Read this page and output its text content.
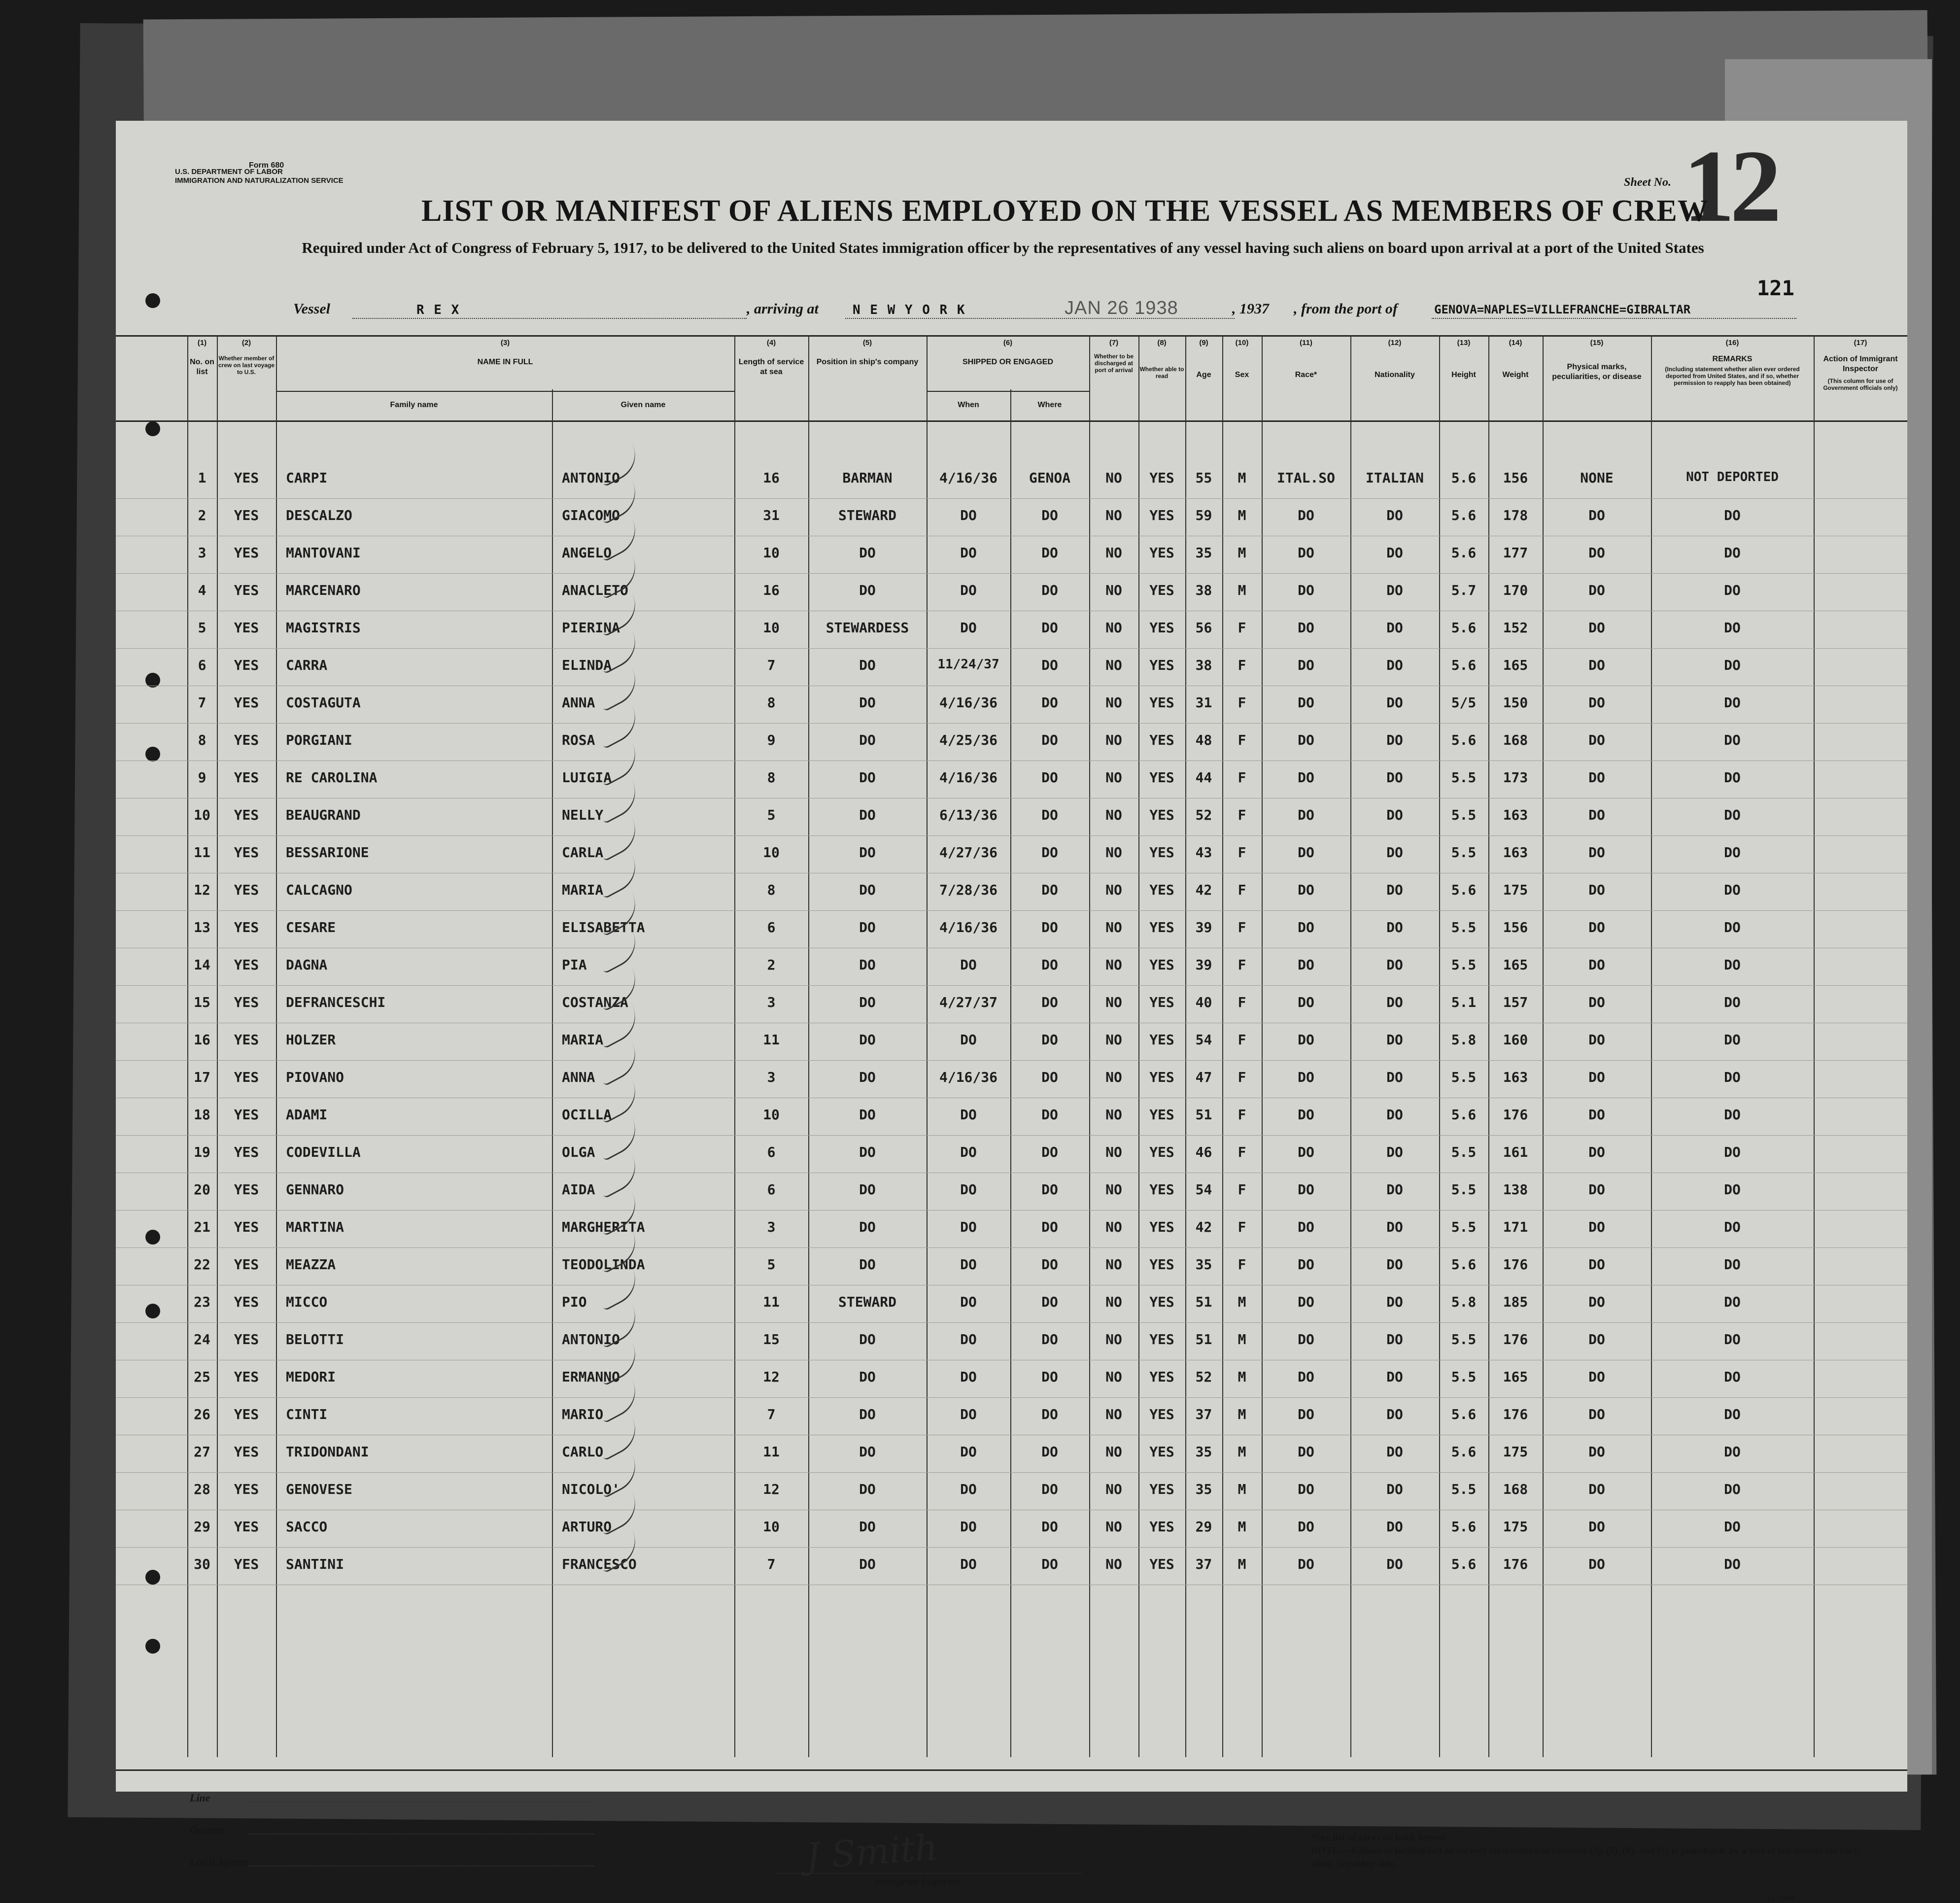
Form 680
U.S. DEPARTMENT OF LABOR
IMMIGRATION AND NATURALIZATION SERVICE	Sheet No. 12
LIST OR MANIFEST OF ALIENS EMPLOYED ON THE VESSEL AS MEMBERS OF CREW
Required under Act of Congress of February 5, 1917, to be delivered to the United States immigration officer by the representatives of any vessel having such aliens on board upon arrival at a port of the United States
121
Vessel	R E X	, arriving at	N E W Y O R K	JAN 26 1938	, 1937 , from the port of	GENOVA=NAPLES=VILLEFRANCHE=GIBRALTAR
(1)
No. on list
(2)
Whether member of crew on last voyage to U.S.
(3)
NAME IN FULL
(4)
Length of service at sea
(5)
Position in ship's company
(6)
SHIPPED OR ENGAGED
(7)
Whether to be discharged at port of arrival
(8)
Whether able to read
(9)
Age
(10)
Sex
(11)
Race*
(12)
Nationality
(13)
Height
(14)
Weight
(15)
Physical marks, peculiarities, or disease
(16)
REMARKS
(Including statement whether alien ever ordered deported from United States, and if so, whether permission to reapply has been obtained)
(17)
Action of Immigrant Inspector
(This column for use of Government officials only)
Family name	Given name	When	Where
1	YES	CARPI	ANTONIO	16	BARMAN	4/16/36	GENOA	NO	YES	55	M	ITAL.SO	ITALIAN	5.6	156	NONE	NOT DEPORTED
2	YES	DESCALZO	GIACOMO	31	STEWARD	DO	DO	NO	YES	59	M	DO	DO	5.6	178	DO	DO
3	YES	MANTOVANI	ANGELO	10	DO	DO	DO	NO	YES	35	M	DO	DO	5.6	177	DO	DO
4	YES	MARCENARO	ANACLETO	16	DO	DO	DO	NO	YES	38	M	DO	DO	5.7	170	DO	DO
5	YES	MAGISTRIS	PIERINA	10	STEWARDESS	DO	DO	NO	YES	56	F	DO	DO	5.6	152	DO	DO
6	YES	CARRA	ELINDA	7	DO	11/24/37	DO	NO	YES	38	F	DO	DO	5.6	165	DO	DO
7	YES	COSTAGUTA	ANNA	8	DO	4/16/36	DO	NO	YES	31	F	DO	DO	5/5	150	DO	DO
8	YES	PORGIANI	ROSA	9	DO	4/25/36	DO	NO	YES	48	F	DO	DO	5.6	168	DO	DO
9	YES	RE CAROLINA	LUIGIA	8	DO	4/16/36	DO	NO	YES	44	F	DO	DO	5.5	173	DO	DO
10	YES	BEAUGRAND	NELLY	5	DO	6/13/36	DO	NO	YES	52	F	DO	DO	5.5	163	DO	DO
11	YES	BESSARIONE	CARLA	10	DO	4/27/36	DO	NO	YES	43	F	DO	DO	5.5	163	DO	DO
12	YES	CALCAGNO	MARIA	8	DO	7/28/36	DO	NO	YES	42	F	DO	DO	5.6	175	DO	DO
13	YES	CESARE	ELISABETTA	6	DO	4/16/36	DO	NO	YES	39	F	DO	DO	5.5	156	DO	DO
14	YES	DAGNA	PIA	2	DO	DO	DO	NO	YES	39	F	DO	DO	5.5	165	DO	DO
15	YES	DEFRANCESCHI	COSTANZA	3	DO	4/27/37	DO	NO	YES	40	F	DO	DO	5.1	157	DO	DO
16	YES	HOLZER	MARIA	11	DO	DO	DO	NO	YES	54	F	DO	DO	5.8	160	DO	DO
17	YES	PIOVANO	ANNA	3	DO	4/16/36	DO	NO	YES	47	F	DO	DO	5.5	163	DO	DO
18	YES	ADAMI	OCILLA	10	DO	DO	DO	NO	YES	51	F	DO	DO	5.6	176	DO	DO
19	YES	CODEVILLA	OLGA	6	DO	DO	DO	NO	YES	46	F	DO	DO	5.5	161	DO	DO
20	YES	GENNARO	AIDA	6	DO	DO	DO	NO	YES	54	F	DO	DO	5.5	138	DO	DO
21	YES	MARTINA	MARGHERITA	3	DO	DO	DO	NO	YES	42	F	DO	DO	5.5	171	DO	DO
22	YES	MEAZZA	TEODOLINDA	5	DO	DO	DO	NO	YES	35	F	DO	DO	5.6	176	DO	DO
23	YES	MICCO	PIO	11	STEWARD	DO	DO	NO	YES	51	M	DO	DO	5.8	185	DO	DO
24	YES	BELOTTI	ANTONIO	15	DO	DO	DO	NO	YES	51	M	DO	DO	5.5	176	DO	DO
25	YES	MEDORI	ERMANNO	12	DO	DO	DO	NO	YES	52	M	DO	DO	5.5	165	DO	DO
26	YES	CINTI	MARIO	7	DO	DO	DO	NO	YES	37	M	DO	DO	5.6	176	DO	DO
27	YES	TRIDONDANI	CARLO	11	DO	DO	DO	NO	YES	35	M	DO	DO	5.6	175	DO	DO
28	YES	GENOVESE	NICOLO'	12	DO	DO	DO	NO	YES	35	M	DO	DO	5.5	168	DO	DO
29	YES	SACCO	ARTURO	10	DO	DO	DO	NO	YES	29	M	DO	DO	5.6	175	DO	DO
30	YES	SANTINI	FRANCESCO	7	DO	DO	DO	NO	YES	37	M	DO	DO	5.6	176	DO	DO
Line
Owners
Local Agents	J Smith
Immigrant Inspector.
*See list of races on back hereof.
NOTE.—Failure to furnish full or correct information in columns (3), (5), (6), and (7) is punishable by a fine of ten dollars for each alien. See other side.
14—1940
